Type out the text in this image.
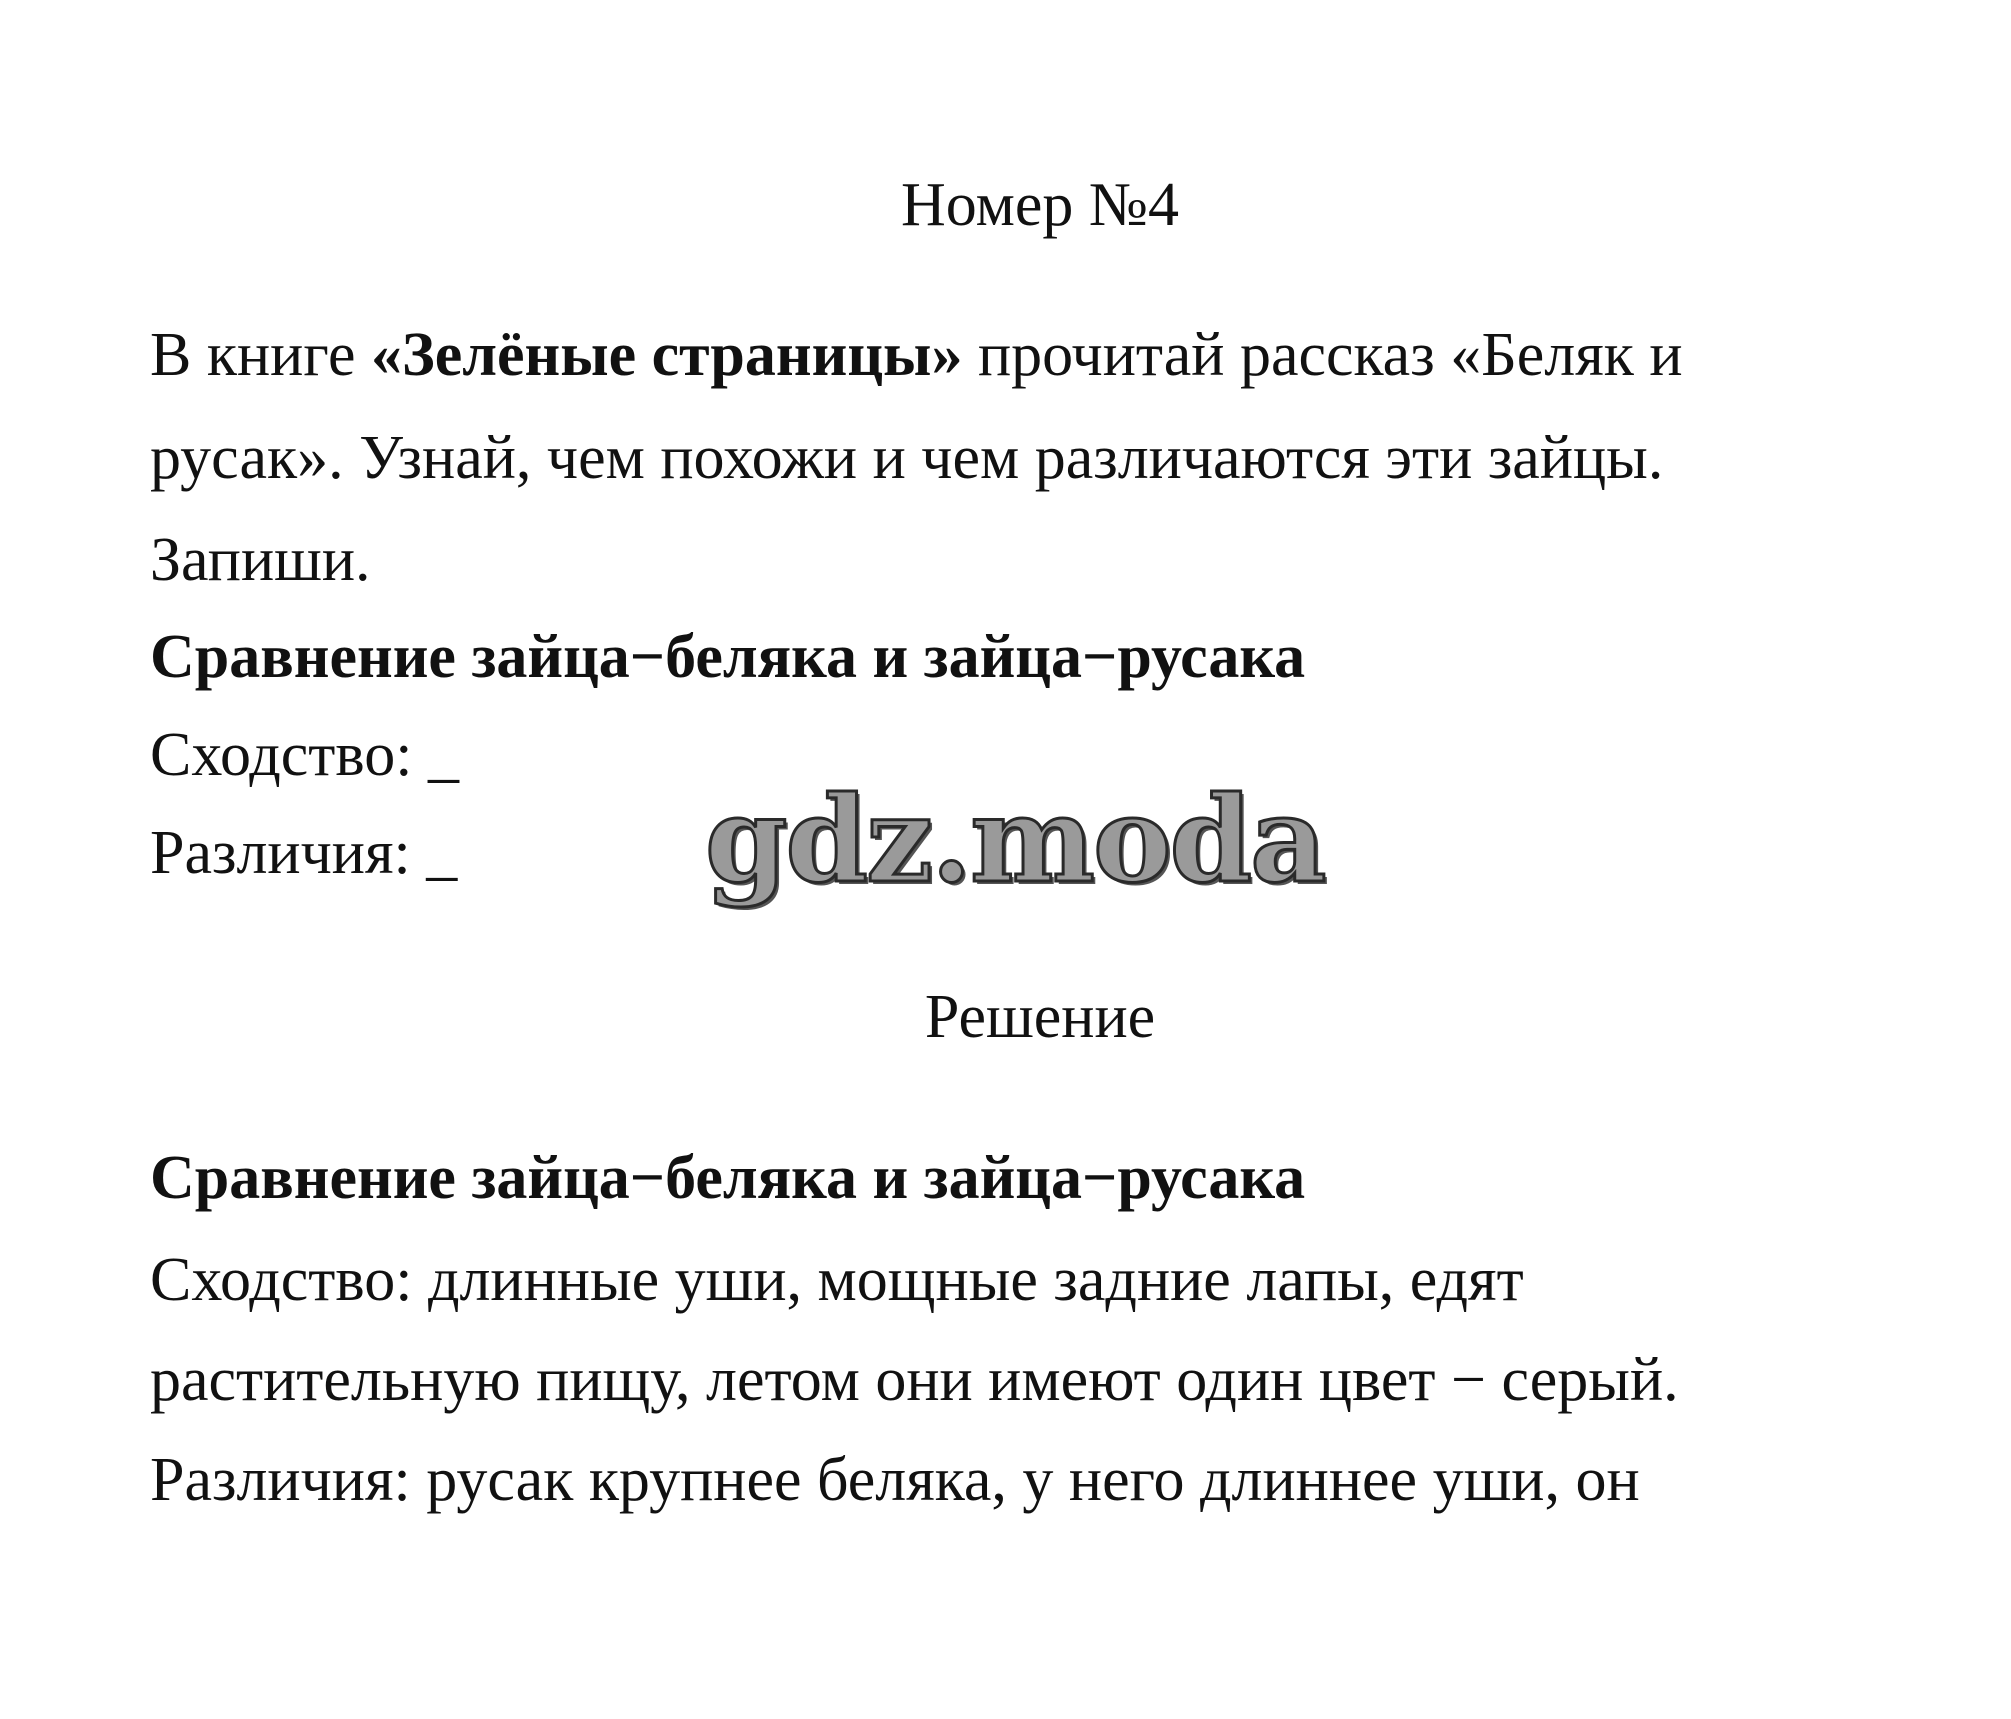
Номер №4
В книге «Зелёные страницы» прочитай рассказ «Беляк и
русак». Узнай, чем похожи и чем различаются эти зайцы.
Запиши.
Сравнение зайца−беляка и зайца−русака
Сходство: _
Различия: _ gdz.moda
Решение
Сравнение зайца−беляка и зайца−русака
Сходство: длинные уши, мощные задние лапы, едят
растительную пищу, летом они имеют один цвет − серый.
Различия: русак крупнее беляка, у него длиннее уши, он
